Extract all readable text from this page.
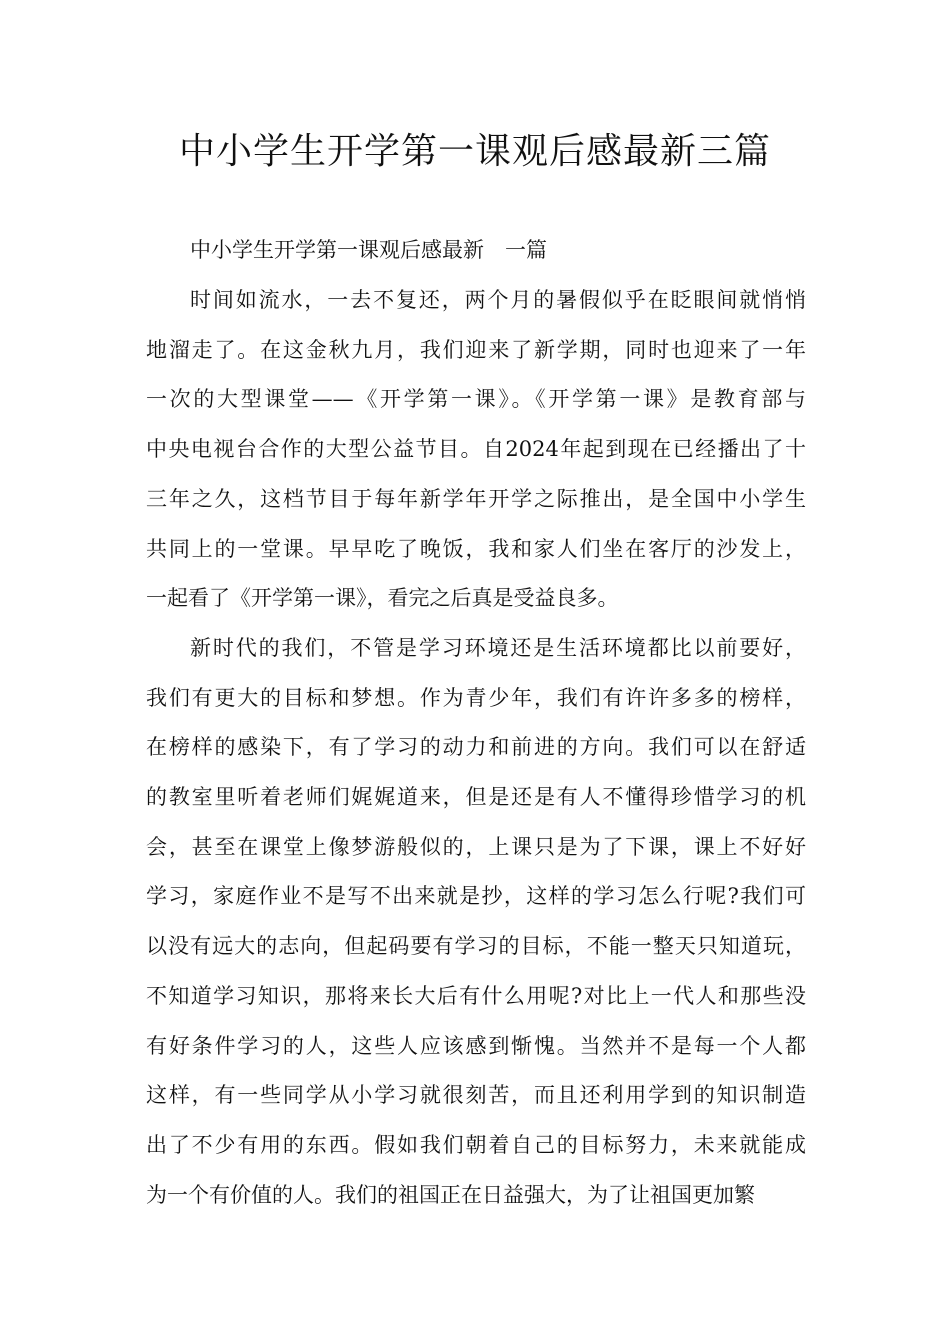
中小学生开学第一课观后感最新三篇
中小学生开学第一课观后感最新　一篇
时间如流水，一去不复还，两个月的暑假似乎在眨眼间就悄悄
地溜走了。在这金秋九月，我们迎来了新学期，同时也迎来了一年
一次的大型课堂——《开学第一课》。《开学第一课》是教育部与
中央电视台合作的大型公益节目。自2024年起到现在已经播出了十
三年之久，这档节目于每年新学年开学之际推出，是全国中小学生
共同上的一堂课。早早吃了晚饭，我和家人们坐在客厅的沙发上，
一起看了《开学第一课》，看完之后真是受益良多。
新时代的我们，不管是学习环境还是生活环境都比以前要好，
我们有更大的目标和梦想。作为青少年，我们有许许多多的榜样，
在榜样的感染下，有了学习的动力和前进的方向。我们可以在舒适
的教室里听着老师们娓娓道来，但是还是有人不懂得珍惜学习的机
会，甚至在课堂上像梦游般似的，上课只是为了下课，课上不好好
学习，家庭作业不是写不出来就是抄，这样的学习怎么行呢?我们可
以没有远大的志向，但起码要有学习的目标，不能一整天只知道玩，
不知道学习知识，那将来长大后有什么用呢?对比上一代人和那些没
有好条件学习的人，这些人应该感到惭愧。当然并不是每一个人都
这样，有一些同学从小学习就很刻苦，而且还利用学到的知识制造
出了不少有用的东西。假如我们朝着自己的目标努力，未来就能成
为一个有价值的人。我们的祖国正在日益强大，为了让祖国更加繁
